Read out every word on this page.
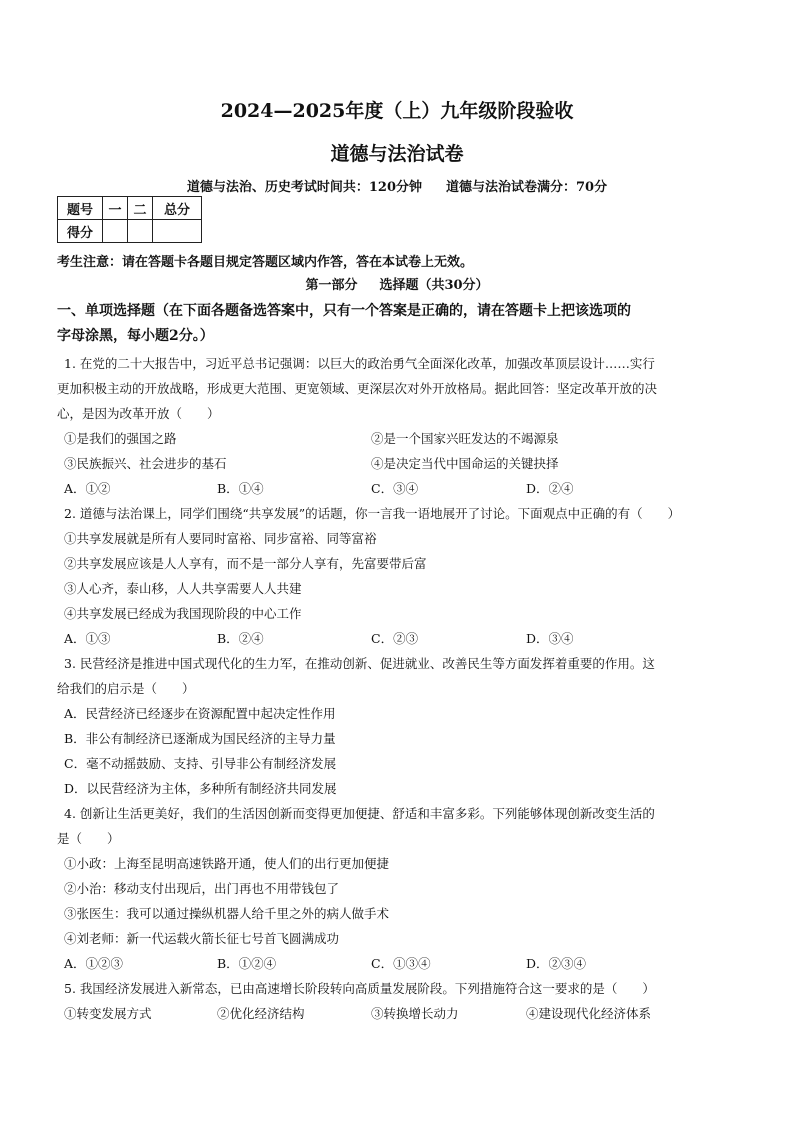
2024—2025年度（上）九年级阶段验收
道德与法治试卷
道德与法治、历史考试时间共：120分钟 道德与法治试卷满分：70分
题号	一	二	总分
得分			
考生注意：请在答题卡各题目规定答题区域内作答，答在本试卷上无效。
第一部分 选择题（共30分）
一、单项选择题（在下面各题备选答案中，只有一个答案是正确的，请在答题卡上把该选项的
字母涂黑，每小题2分。）
1. 在党的二十大报告中，习近平总书记强调：以巨大的政治勇气全面深化改革，加强改革顶层设计……实行
更加积极主动的开放战略，形成更大范围、更宽领域、更深层次对外开放格局。据此回答：坚定改革开放的决
心，是因为改革开放（　　）
①是我们的强国之路	②是一个国家兴旺发达的不竭源泉
③民族振兴、社会进步的基石	④是决定当代中国命运的关键抉择
A．①②	B．①④	C．③④	D．②④
2. 道德与法治课上，同学们围绕“共享发展”的话题，你一言我一语地展开了讨论。下面观点中正确的有（　　）
①共享发展就是所有人要同时富裕、同步富裕、同等富裕
②共享发展应该是人人享有，而不是一部分人享有，先富要带后富
③人心齐，泰山移，人人共享需要人人共建
④共享发展已经成为我国现阶段的中心工作
A．①③	B．②④	C．②③	D．③④
3. 民营经济是推进中国式现代化的生力军，在推动创新、促进就业、改善民生等方面发挥着重要的作用。这
给我们的启示是（　　）
A．民营经济已经逐步在资源配置中起决定性作用
B．非公有制经济已逐渐成为国民经济的主导力量
C．毫不动摇鼓励、支持、引导非公有制经济发展
D．以民营经济为主体，多种所有制经济共同发展
4. 创新让生活更美好，我们的生活因创新而变得更加便捷、舒适和丰富多彩。下列能够体现创新改变生活的
是（　　）
①小政：上海至昆明高速铁路开通，使人们的出行更加便捷
②小治：移动支付出现后，出门再也不用带钱包了
③张医生：我可以通过操纵机器人给千里之外的病人做手术
④刘老师：新一代运载火箭长征七号首飞圆满成功
A．①②③	B．①②④	C．①③④	D．②③④
5. 我国经济发展进入新常态，已由高速增长阶段转向高质量发展阶段。下列措施符合这一要求的是（　　）
①转变发展方式	②优化经济结构	③转换增长动力	④建设现代化经济体系
